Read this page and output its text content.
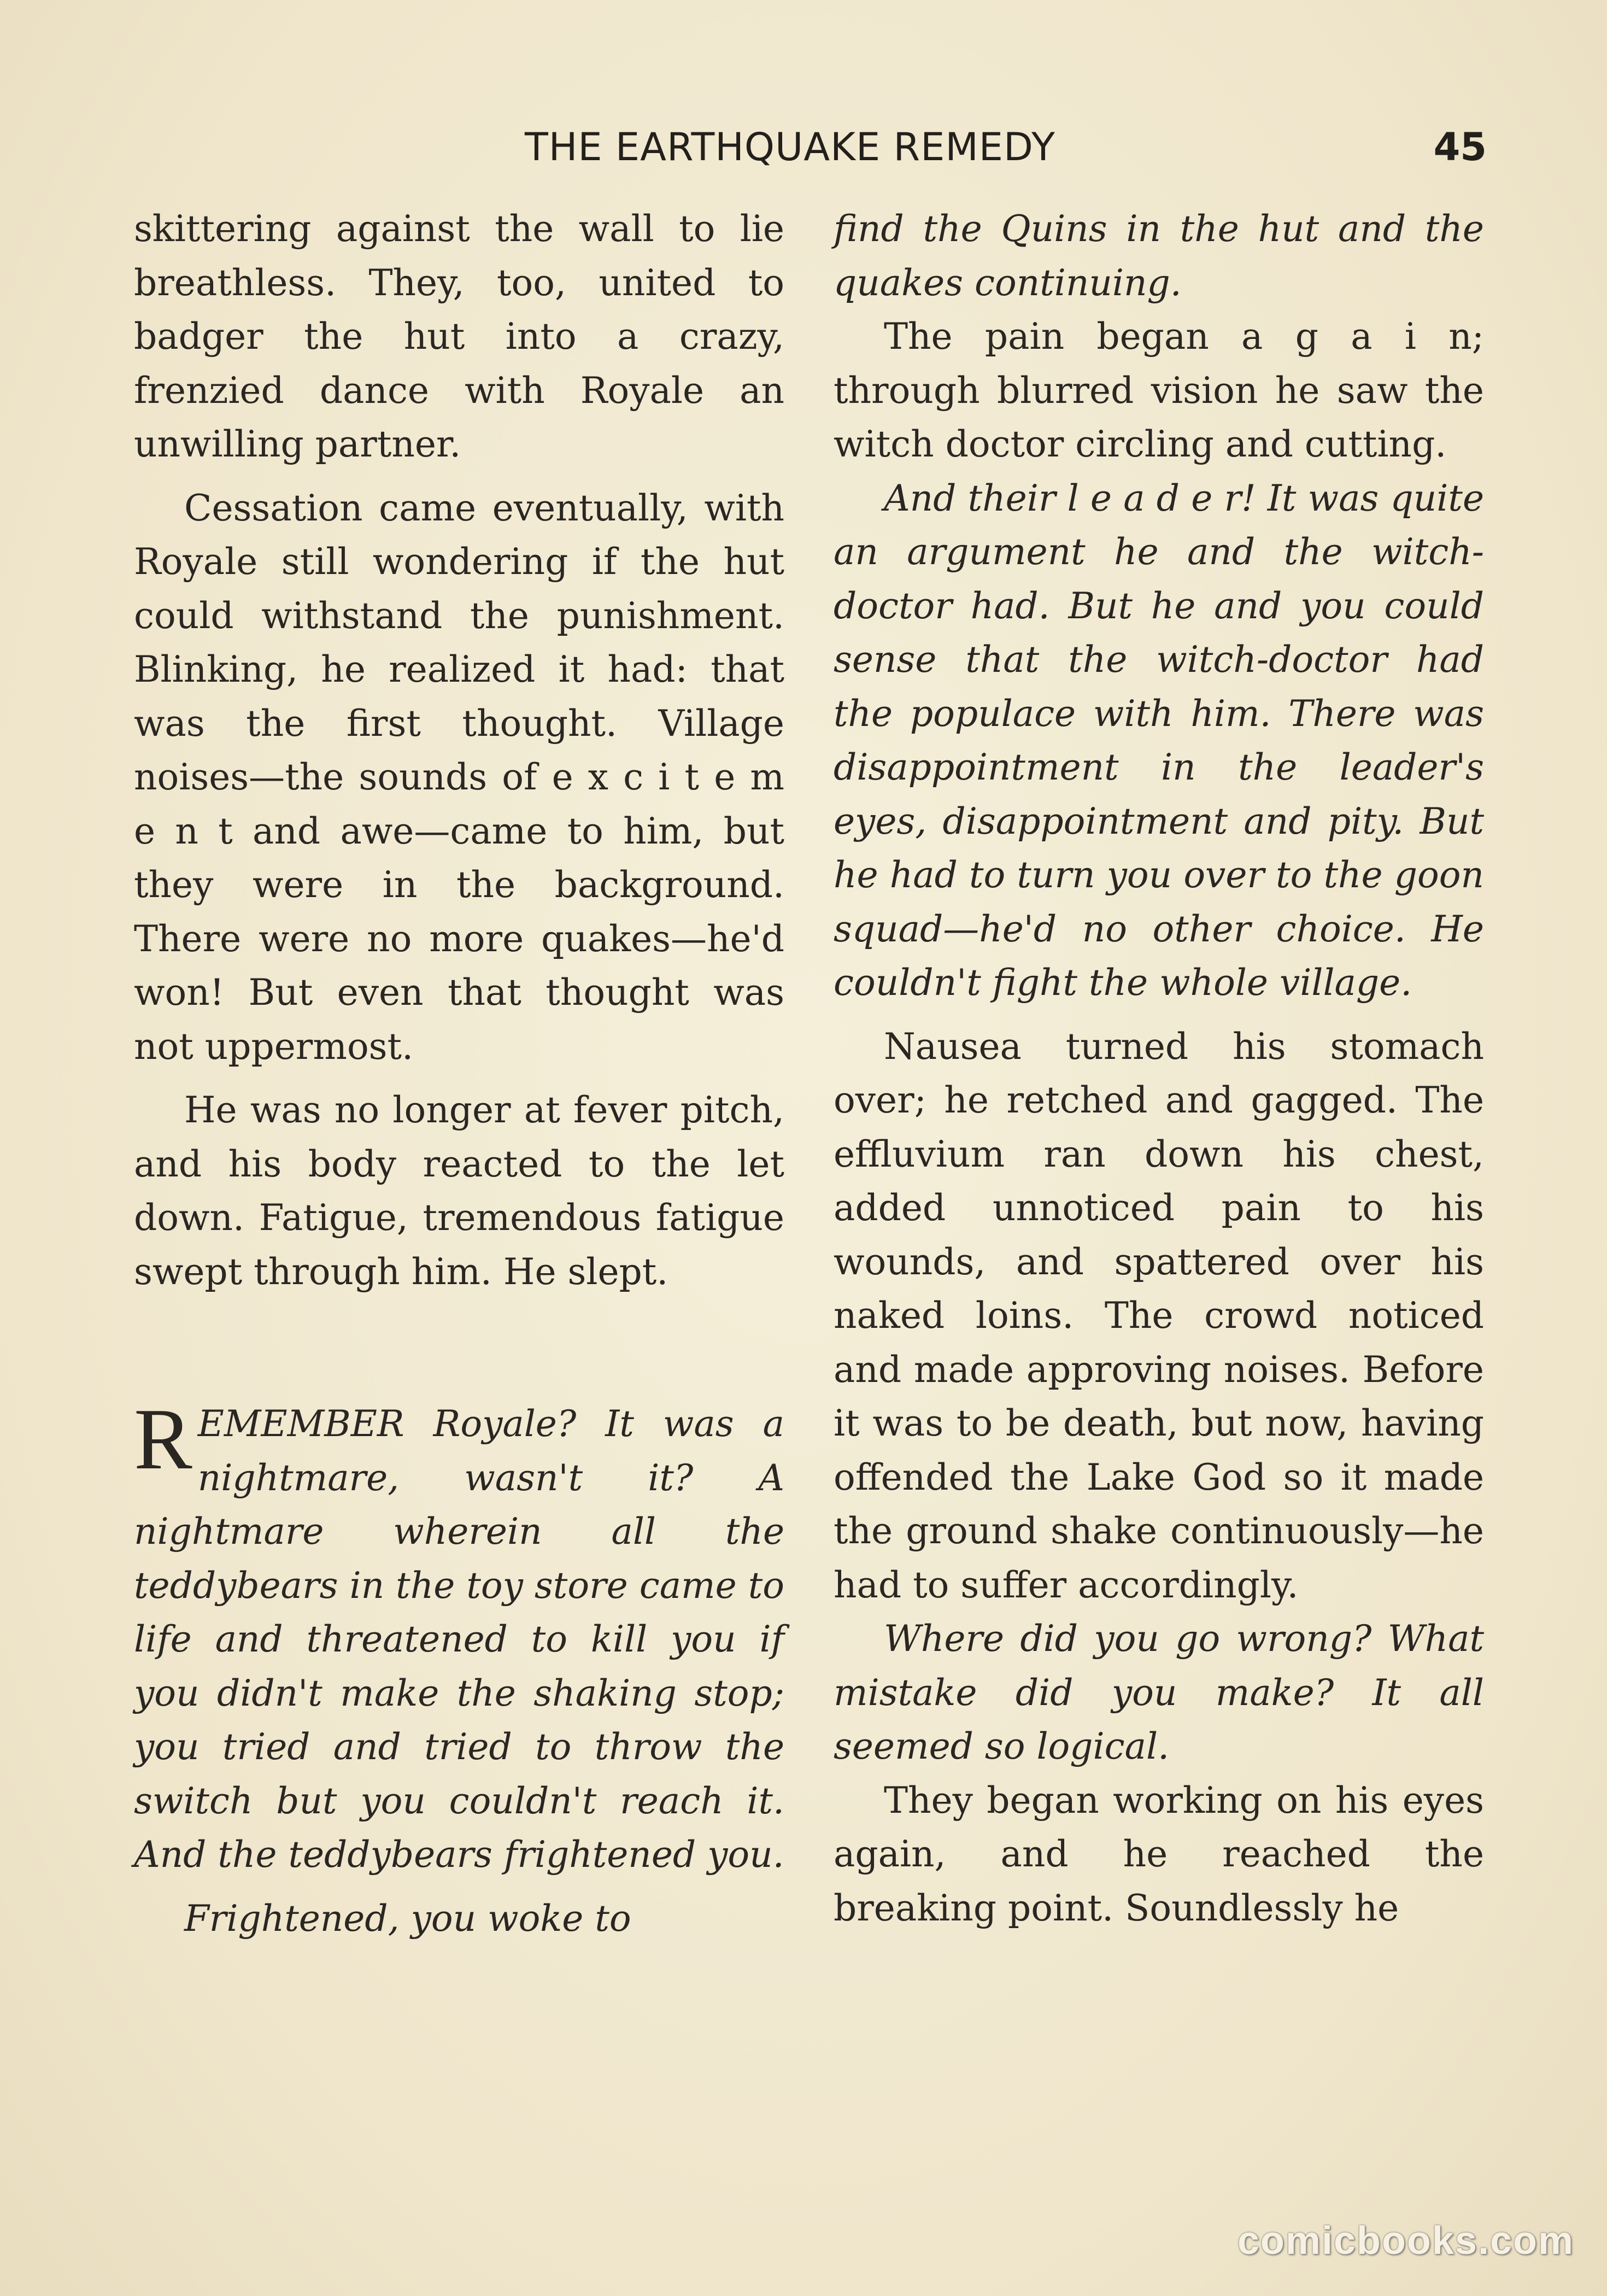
THE EARTHQUAKE REMEDY	45

skittering against the wall to lie breathless. They, too, united to badger the hut into a crazy, frenzied dance with Royale an unwilling partner.

Cessation came eventually, with Royale still wondering if the hut could withstand the punishment. Blinking, he realized it had: that was the first thought. Village noises—the sounds of e x c i t e m e n t and awe—came to him, but they were in the background. There were no more quakes—he'd won! But even that thought was not uppermost.

He was no longer at fever pitch, and his body reacted to the let down. Fatigue, tremendous fatigue swept through him. He slept.

REMEMBER Royale? It was a nightmare, wasn't it? A nightmare wherein all the teddybears in the toy store came to life and threatened to kill you if you didn't make the shaking stop; you tried and tried to throw the switch but you couldn't reach it. And the teddybears frightened you.

Frightened, you woke to

find the Quins in the hut and the quakes continuing.

The pain began a g a i n; through blurred vision he saw the witch doctor circling and cutting.

And their l e a d e r! It was quite an argument he and the witch-doctor had. But he and you could sense that the witch-doctor had the populace with him. There was disappointment in the leader's eyes, disappointment and pity. But he had to turn you over to the goon squad—he'd no other choice. He couldn't fight the whole village.

Nausea turned his stomach over; he retched and gagged. The effluvium ran down his chest, added unnoticed pain to his wounds, and spattered over his naked loins. The crowd noticed and made approving noises. Before it was to be death, but now, having offended the Lake God so it made the ground shake continuously—he had to suffer accordingly.

Where did you go wrong? What mistake did you make? It all seemed so logical.

They began working on his eyes again, and he reached the breaking point. Soundlessly he

comicbooks.com
